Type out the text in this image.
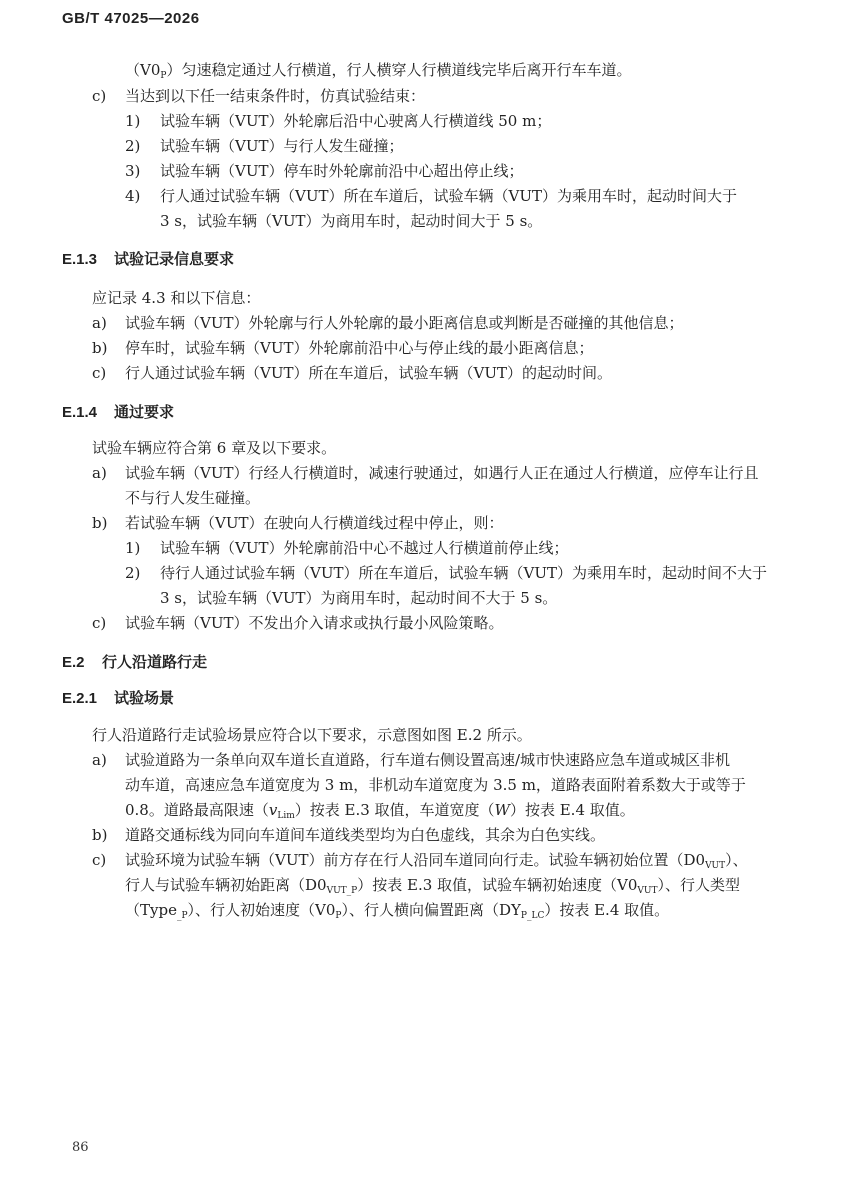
GB/T 47025—2026
$(V0_P)$匀速稳定通过人行横道，行人横穿人行横道线完毕后离开行车车道。
c) 当达到以下任一结束条件时，仿真试验结束：
1) 试验车辆（VUT）外轮廓后沿中心驶离人行横道线 50 m；
2) 试验车辆（VUT）与行人发生碰撞；
3) 试验车辆（VUT）停车时外轮廓前沿中心超出停止线；
4) 行人通过试验车辆（VUT）所在车道后，试验车辆（VUT）为乘用车时，起动时间大于
3 s，试验车辆（VUT）为商用车时，起动时间大于 5 s。
E.1.3 试验记录信息要求
应记录 4.3 和以下信息：
a) 试验车辆（VUT）外轮廓与行人外轮廓的最小距离信息或判断是否碰撞的其他信息；
b) 停车时，试验车辆（VUT）外轮廓前沿中心与停止线的最小距离信息；
c) 行人通过试验车辆（VUT）所在车道后，试验车辆（VUT）的起动时间。
E.1.4 通过要求
试验车辆应符合第 6 章及以下要求。
a) 试验车辆（VUT）行经人行横道时，减速行驶通过，如遇行人正在通过人行横道，应停车让行且
不与行人发生碰撞。
b) 若试验车辆（VUT）在驶向人行横道线过程中停止，则：
1) 试验车辆（VUT）外轮廓前沿中心不越过人行横道前停止线；
2) 待行人通过试验车辆（VUT）所在车道后，试验车辆（VUT）为乘用车时，起动时间不大于
3 s，试验车辆（VUT）为商用车时，起动时间不大于 5 s。
c) 试验车辆（VUT）不发出介入请求或执行最小风险策略。
E.2 行人沿道路行走
E.2.1 试验场景
行人沿道路行走试验场景应符合以下要求，示意图如图 E.2 所示。
a) 试验道路为一条单向双车道长直道路，行车道右侧设置高速/城市快速路应急车道或城区非机
动车道，高速应急车道宽度为 3 m，非机动车道宽度为 3.5 m，道路表面附着系数大于或等于
0.8。道路最高限速$(v_{Lim})$按表 E.3 取值，车道宽度（W）按表 E.4 取值。
b) 道路交通标线为同向车道间车道线类型均为白色虚线，其余为白色实线。
c) 试验环境为试验车辆（VUT）前方存在行人沿同车道同向行走。试验车辆初始位置$(D0_{VUT})$、
行人与试验车辆初始距离$(D0_{VUT\_P})$按表 E.3 取值，试验车辆初始速度$(V0_{VUT})$、行人类型
（Type$_{\_P}$）、行人初始速度$(V0_P)$、行人横向偏置距离$(DY_{P\_LC})$按表 E.4 取值。
86
